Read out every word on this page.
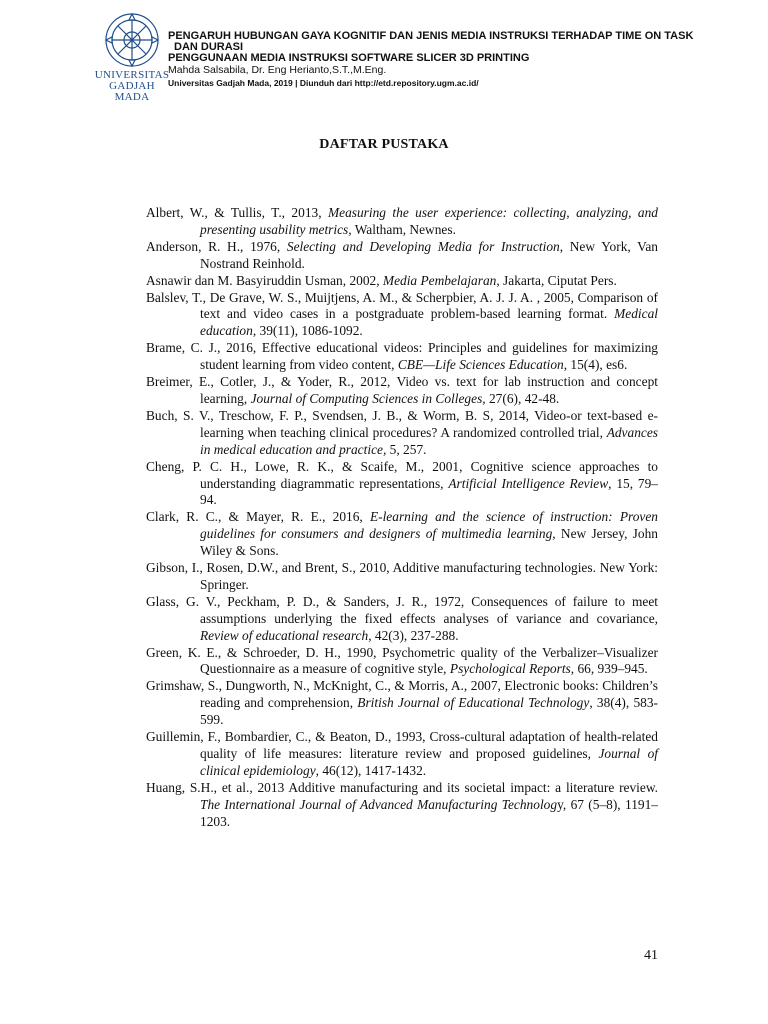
UNIVERSITAS
GADJAH MADA

PENGARUH HUBUNGAN GAYA KOGNITIF DAN JENIS MEDIA INSTRUKSI TERHADAP TIME ON TASK

DAN DURASI

PENGGUNAAN MEDIA INSTRUKSI SOFTWARE SLICER 3D PRINTING

Mahda Salsabila, Dr. Eng Herianto,S.T.,M.Eng.

Universitas Gadjah Mada, 2019 | Diunduh dari http://etd.repository.ugm.ac.id/

DAFTAR PUSTAKA

Albert, W., & Tullis, T., 2013, Measuring the user experience: collecting, analyzing, and presenting usability metrics, Waltham, Newnes.

Anderson, R. H., 1976, Selecting and Developing Media for Instruction, New York, Van Nostrand Reinhold.

Asnawir dan M. Basyiruddin Usman, 2002, Media Pembelajaran, Jakarta, Ciputat Pers.

Balslev, T., De Grave, W. S., Muijtjens, A. M., & Scherpbier, A. J. J. A. , 2005, Comparison of text and video cases in a postgraduate problem-based learning format. Medical education, 39(11), 1086-1092.

Brame, C. J., 2016, Effective educational videos: Principles and guidelines for maximizing student learning from video content, CBE—Life Sciences Education, 15(4), es6.

Breimer, E., Cotler, J., & Yoder, R., 2012, Video vs. text for lab instruction and concept learning, Journal of Computing Sciences in Colleges, 27(6), 42-48.

Buch, S. V., Treschow, F. P., Svendsen, J. B., & Worm, B. S, 2014, Video-or text-based e-learning when teaching clinical procedures? A randomized controlled trial, Advances in medical education and practice, 5, 257.

Cheng, P. C. H., Lowe, R. K., & Scaife, M., 2001, Cognitive science approaches to understanding diagrammatic representations, Artificial Intelligence Review, 15, 79–94.

Clark, R. C., & Mayer, R. E., 2016, E-learning and the science of instruction: Proven guidelines for consumers and designers of multimedia learning, New Jersey, John Wiley & Sons.

Gibson, I., Rosen, D.W., and Brent, S., 2010, Additive manufacturing technologies. New York: Springer.

Glass, G. V., Peckham, P. D., & Sanders, J. R., 1972, Consequences of failure to meet assumptions underlying the fixed effects analyses of variance and covariance, Review of educational research, 42(3), 237-288.

Green, K. E., & Schroeder, D. H., 1990, Psychometric quality of the Verbalizer–Visualizer Questionnaire as a measure of cognitive style, Psychological Reports, 66, 939–945.

Grimshaw, S., Dungworth, N., McKnight, C., & Morris, A., 2007, Electronic books: Children’s reading and comprehension, British Journal of Educational Technology, 38(4), 583-599.

Guillemin, F., Bombardier, C., & Beaton, D., 1993, Cross-cultural adaptation of health-related quality of life measures: literature review and proposed guidelines, Journal of clinical epidemiology, 46(12), 1417-1432.

Huang, S.H., et al., 2013 Additive manufacturing and its societal impact: a literature review. The International Journal of Advanced Manufacturing Technology, 67 (5–8), 1191–1203.

41
